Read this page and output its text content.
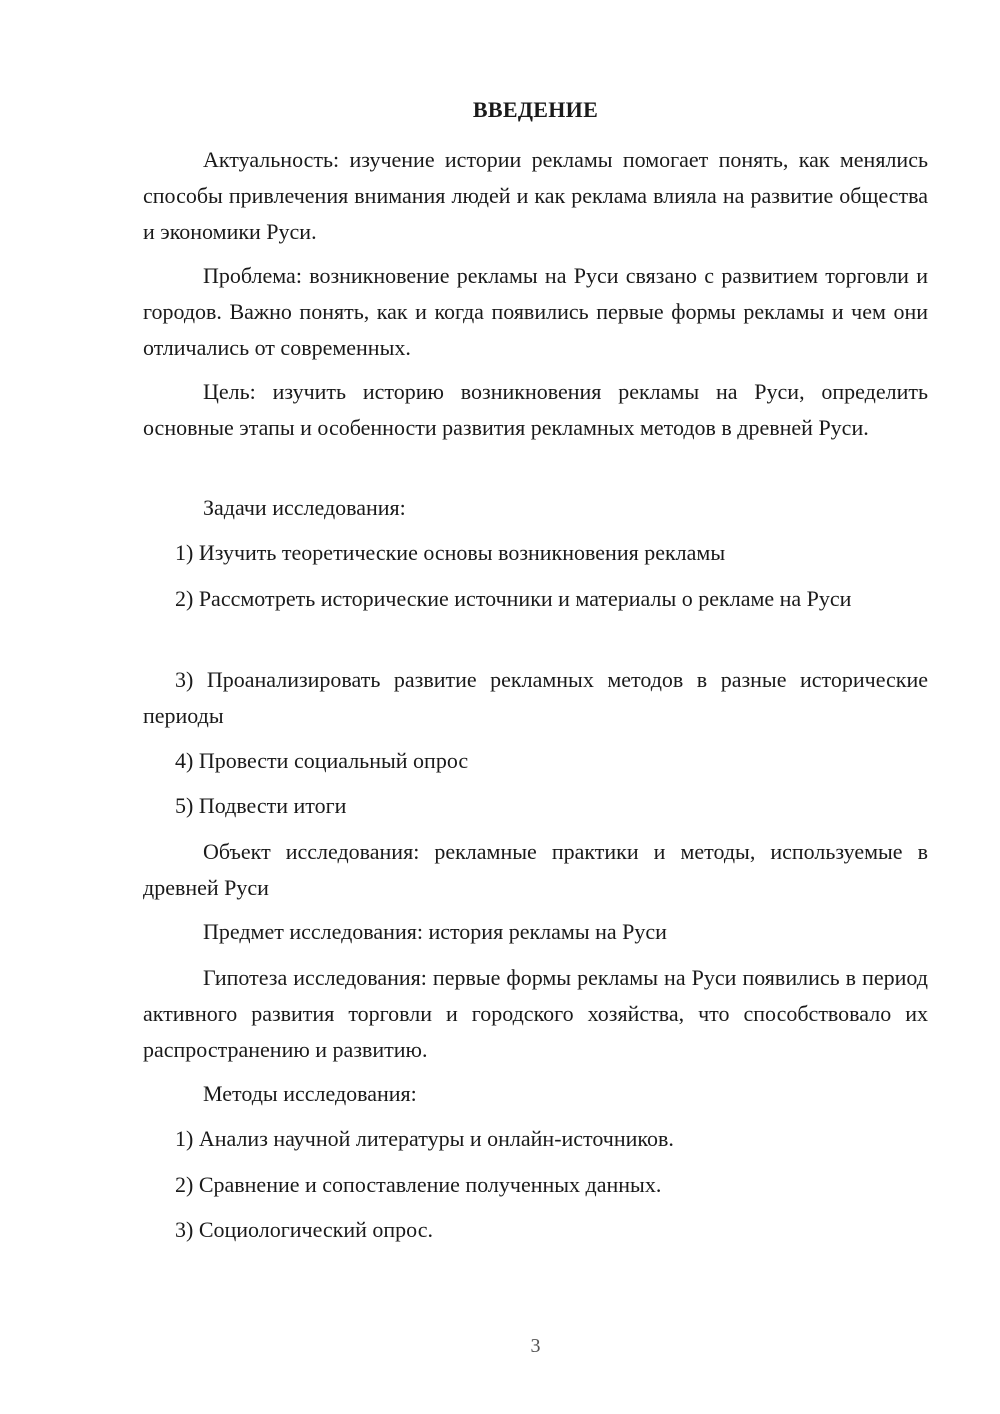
ВВЕДЕНИЕ

Актуальность: изучение истории рекламы помогает понять, как менялись способы привлечения внимания людей и как реклама влияла на развитие общества и экономики Руси.

Проблема: возникновение рекламы на Руси связано с развитием торговли и городов. Важно понять, как и когда появились первые формы рекламы и чем они отличались от современных.

Цель: изучить историю возникновения рекламы на Руси, определить основные этапы и особенности развития рекламных методов в древней Руси.

Задачи исследования:

1) Изучить теоретические основы возникновения рекламы

2) Рассмотреть исторические источники и материалы о рекламе на Руси

3) Проанализировать развитие рекламных методов в разные исторические периоды

4) Провести социальный опрос

5) Подвести итоги

Объект исследования: рекламные практики и методы, используемые в древней Руси

Предмет исследования: история рекламы на Руси

Гипотеза исследования: первые формы рекламы на Руси появились в период активного развития торговли и городского хозяйства, что способствовало их распространению и развитию.

Методы исследования:

1) Анализ научной литературы и онлайн-источников.

2) Сравнение и сопоставление полученных данных.

3) Социологический опрос.

3
